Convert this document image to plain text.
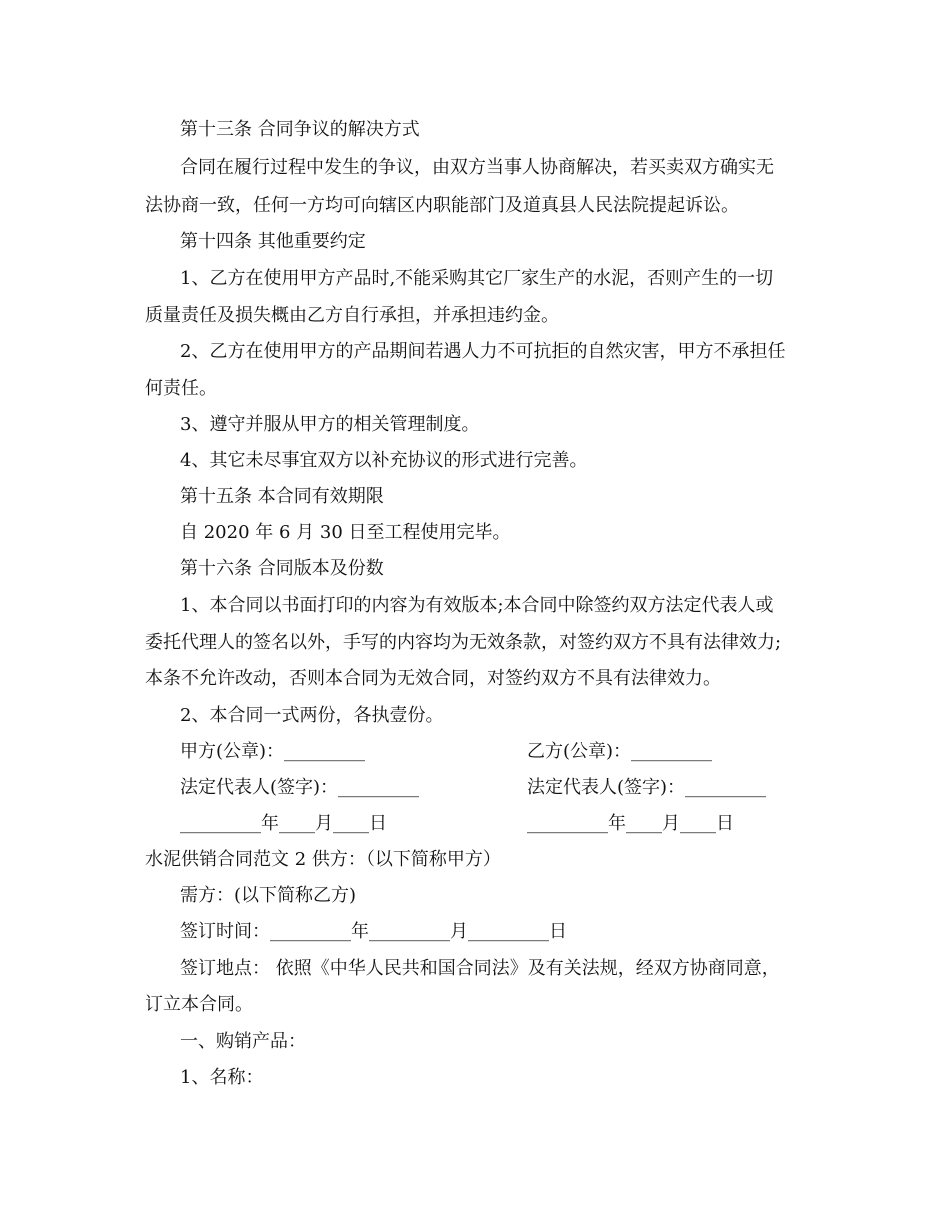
第十三条 合同争议的解决方式
合同在履行过程中发生的争议，由双方当事人协商解决，若买卖双方确实无
法协商一致，任何一方均可向辖区内职能部门及道真县人民法院提起诉讼。
第十四条 其他重要约定
1、乙方在使用甲方产品时,不能采购其它厂家生产的水泥，否则产生的一切
质量责任及损失概由乙方自行承担，并承担违约金。
2、乙方在使用甲方的产品期间若遇人力不可抗拒的自然灾害，甲方不承担任
何责任。
3、遵守并服从甲方的相关管理制度。
4、其它未尽事宜双方以补充协议的形式进行完善。
第十五条 本合同有效期限
自 2020 年 6 月 30 日至工程使用完毕。
第十六条 合同版本及份数
1、本合同以书面打印的内容为有效版本;本合同中除签约双方法定代表人或
委托代理人的签名以外，手写的内容均为无效条款，对签约双方不具有法律效力;
本条不允许改动，否则本合同为无效合同，对签约双方不具有法律效力。
2、本合同一式两份，各执壹份。
甲方(公章)：_________	乙方(公章)：_________
法定代表人(签字)：_________	法定代表人(签字)：_________
_________年____月____日	_________年____月____日
水泥供销合同范文 2 供方：（以下简称甲方）
需方：(以下简称乙方)
签订时间：_________年_________月_________日
签订地点： 依照《中华人民共和国合同法》及有关法规，经双方协商同意，
订立本合同。
一、购销产品：
1、名称：
